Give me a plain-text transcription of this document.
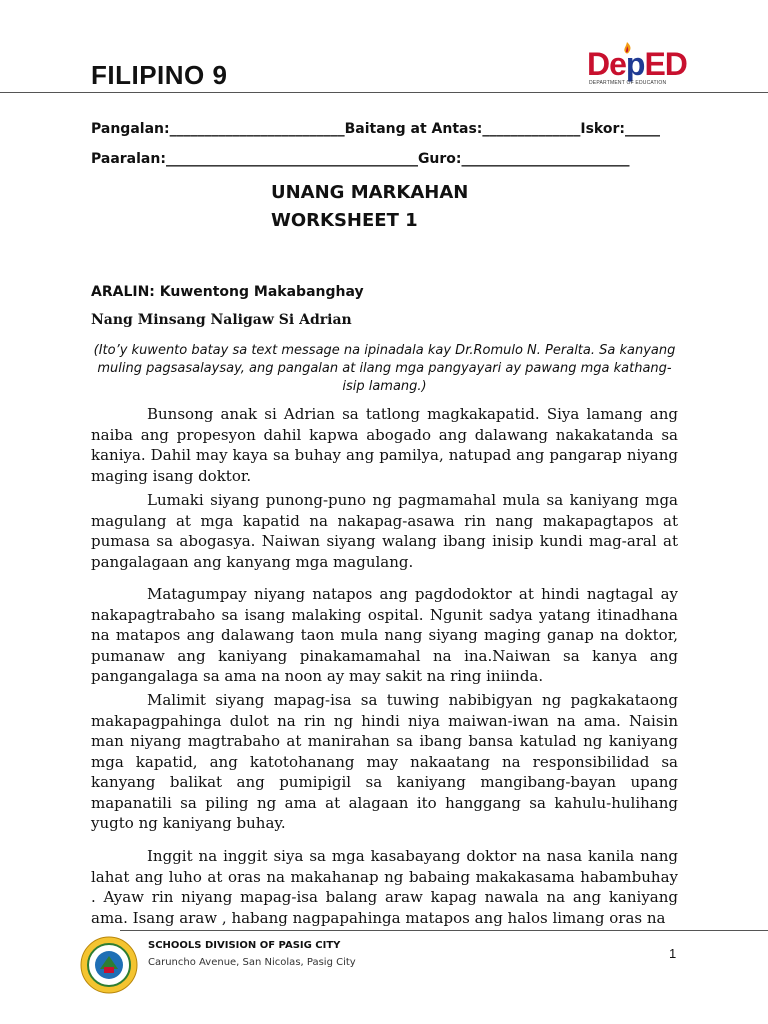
FILIPINO 9	DepED
DEPARTMENT OF EDUCATION
Pangalan:_________________________Baitang at Antas:______________Iskor:_____
Paaralan:____________________________________Guro:________________________
UNANG MARKAHAN
WORKSHEET 1
ARALIN: Kuwentong Makabanghay
Nang Minsang Naligaw Si Adrian
(Ito’y kuwento batay sa text message na ipinadala kay Dr.Romulo N. Peralta. Sa kanyang muling pagsasalaysay, ang pangalan at ilang mga pangyayari ay pawang mga kathang-isip lamang.)

Bunsong anak si Adrian sa tatlong magkakapatid. Siya lamang ang naiba ang propesyon dahil kapwa abogado ang dalawang nakakatanda sa kaniya. Dahil may kaya sa buhay ang pamilya, natupad ang pangarap niyang maging isang doktor.

Lumaki siyang punong-puno ng pagmamahal mula sa kaniyang mga magulang at mga kapatid na nakapag-asawa rin nang makapagtapos at pumasa sa abogasya. Naiwan siyang walang ibang inisip kundi mag-aral at pangalagaan ang kanyang mga magulang.

Matagumpay niyang natapos ang pagdodoktor at hindi nagtagal ay nakapagtrabaho sa isang malaking ospital. Ngunit sadya yatang itinadhana na matapos ang dalawang taon mula nang siyang maging ganap na doktor, pumanaw ang kaniyang pinakamamahal na ina.Naiwan sa kanya ang pangangalaga sa ama na noon ay may sakit na ring iniinda.

Malimit siyang mapag-isa sa tuwing nabibigyan ng pagkakataong makapagpahinga dulot na rin ng hindi niya maiwan-iwan na ama. Naisin man niyang magtrabaho at manirahan sa ibang bansa katulad ng kaniyang mga kapatid, ang katotohanang may nakaatang na responsibilidad sa kanyang balikat ang pumipigil sa kaniyang mangibang-bayan upang mapanatili sa piling ng ama at alagaan ito hanggang sa kahulu-hulihang yugto ng kaniyang buhay.

Inggit na inggit siya sa mga kasabayang doktor na nasa kanila nang lahat ang luho at oras na makahanap ng babaing makakasama habambuhay . Ayaw rin niyang mapag-isa balang araw kapag nawala na ang kaniyang ama. Isang araw , habang nagpapahinga matapos ang halos limang oras na

SCHOOLS DIVISION OF PASIG CITY
Caruncho Avenue, San Nicolas, Pasig City
1
